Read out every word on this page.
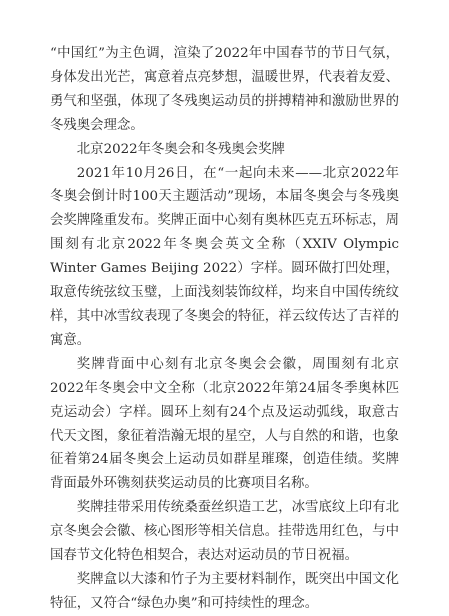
“中国红”为主色调，渲染了2022年中国春节的节日气氛，身体发出光芒，寓意着点亮梦想，温暖世界，代表着友爱、勇气和坚强，体现了冬残奥运动员的拼搏精神和激励世界的冬残奥会理念。

北京2022年冬奥会和冬残奥会奖牌

2021年10月26日，在“一起向未来——北京2022年冬奥会倒计时100天主题活动”现场，本届冬奥会与冬残奥会奖牌隆重发布。奖牌正面中心刻有奥林匹克五环标志，周围刻有北京2022年冬奥会英文全称（XXIV Olympic Winter Games Beijing 2022）字样。圆环做打凹处理，取意传统弦纹玉璧，上面浅刻装饰纹样，均来自中国传统纹样，其中冰雪纹表现了冬奥会的特征，祥云纹传达了吉祥的寓意。

奖牌背面中心刻有北京冬奥会会徽，周围刻有北京2022年冬奥会中文全称（北京2022年第24届冬季奥林匹克运动会）字样。圆环上刻有24个点及运动弧线，取意古代天文图，象征着浩瀚无垠的星空，人与自然的和谐，也象征着第24届冬奥会上运动员如群星璀璨，创造佳绩。奖牌背面最外环镌刻获奖运动员的比赛项目名称。

奖牌挂带采用传统桑蚕丝织造工艺，冰雪底纹上印有北京冬奥会会徽、核心图形等相关信息。挂带选用红色，与中国春节文化特色相契合，表达对运动员的节日祝福。

奖牌盒以大漆和竹子为主要材料制作，既突出中国文化特征，又符合“绿色办奥”和可持续性的理念。
